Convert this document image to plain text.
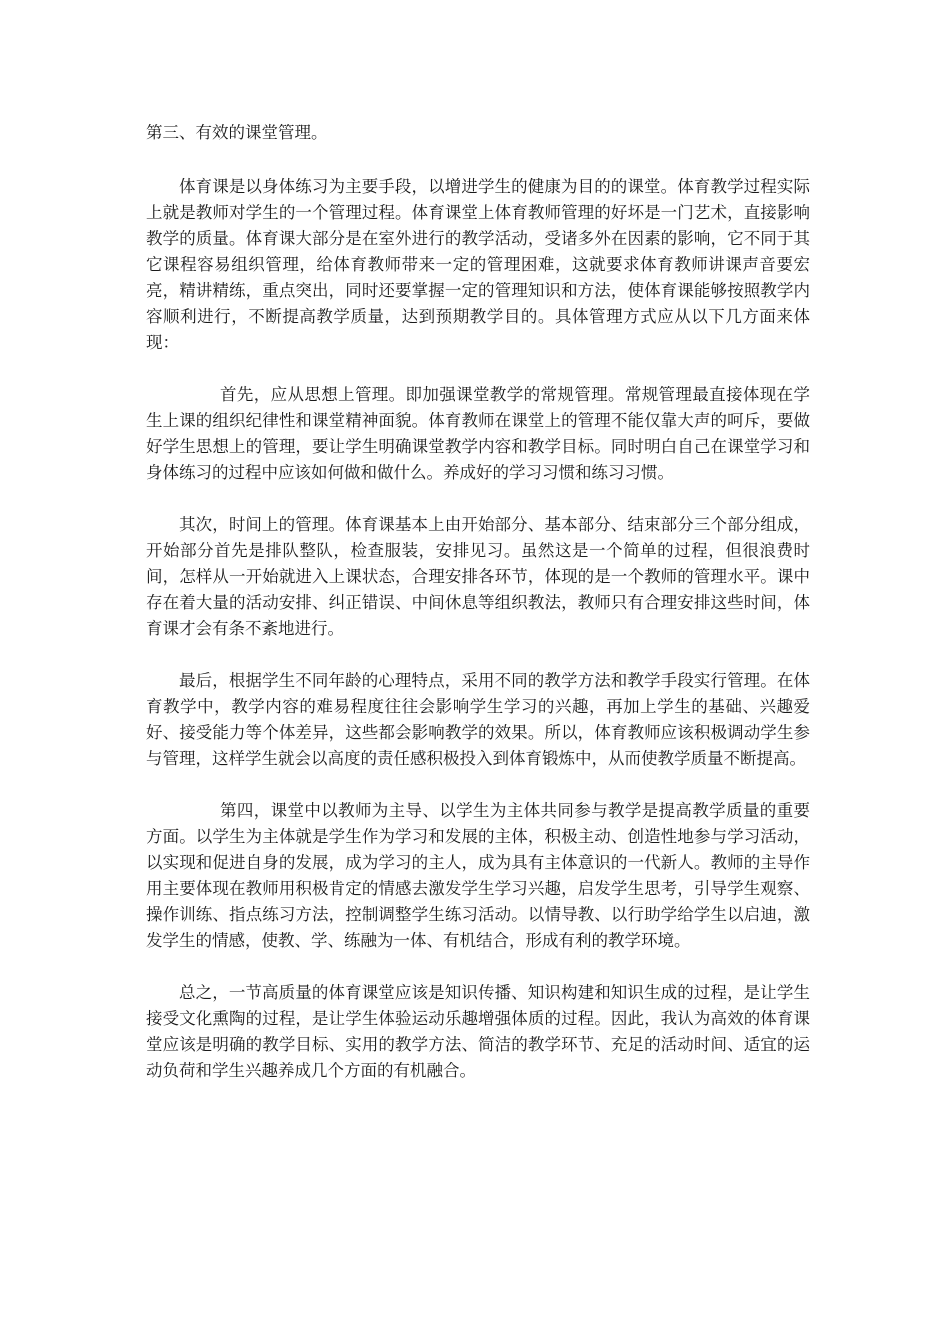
第三、有效的课堂管理。

体育课是以身体练习为主要手段，以增进学生的健康为目的的课堂。体育教学过程实际上就是教师对学生的一个管理过程。体育课堂上体育教师管理的好坏是一门艺术，直接影响教学的质量。体育课大部分是在室外进行的教学活动，受诸多外在因素的影响，它不同于其它课程容易组织管理，给体育教师带来一定的管理困难，这就要求体育教师讲课声音要宏亮，精讲精练，重点突出，同时还要掌握一定的管理知识和方法，使体育课能够按照教学内容顺利进行，不断提高教学质量，达到预期教学目的。具体管理方式应从以下几方面来体现：

首先，应从思想上管理。即加强课堂教学的常规管理。常规管理最直接体现在学生上课的组织纪律性和课堂精神面貌。体育教师在课堂上的管理不能仅靠大声的呵斥，要做好学生思想上的管理，要让学生明确课堂教学内容和教学目标。同时明白自己在课堂学习和身体练习的过程中应该如何做和做什么。养成好的学习习惯和练习习惯。

其次，时间上的管理。体育课基本上由开始部分、基本部分、结束部分三个部分组成，开始部分首先是排队整队，检查服装，安排见习。虽然这是一个简单的过程，但很浪费时间，怎样从一开始就进入上课状态，合理安排各环节，体现的是一个教师的管理水平。课中存在着大量的活动安排、纠正错误、中间休息等组织教法，教师只有合理安排这些时间，体育课才会有条不紊地进行。

最后，根据学生不同年龄的心理特点，采用不同的教学方法和教学手段实行管理。在体育教学中，教学内容的难易程度往往会影响学生学习的兴趣，再加上学生的基础、兴趣爱好、接受能力等个体差异，这些都会影响教学的效果。所以，体育教师应该积极调动学生参与管理，这样学生就会以高度的责任感积极投入到体育锻炼中，从而使教学质量不断提高。

第四，课堂中以教师为主导、以学生为主体共同参与教学是提高教学质量的重要方面。以学生为主体就是学生作为学习和发展的主体，积极主动、创造性地参与学习活动，以实现和促进自身的发展，成为学习的主人，成为具有主体意识的一代新人。教师的主导作用主要体现在教师用积极肯定的情感去激发学生学习兴趣，启发学生思考，引导学生观察、操作训练、指点练习方法，控制调整学生练习活动。以情导教、以行助学给学生以启迪，激发学生的情感，使教、学、练融为一体、有机结合，形成有利的教学环境。

总之，一节高质量的体育课堂应该是知识传播、知识构建和知识生成的过程，是让学生接受文化熏陶的过程，是让学生体验运动乐趣增强体质的过程。因此，我认为高效的体育课堂应该是明确的教学目标、实用的教学方法、简洁的教学环节、充足的活动时间、适宜的运动负荷和学生兴趣养成几个方面的有机融合。
